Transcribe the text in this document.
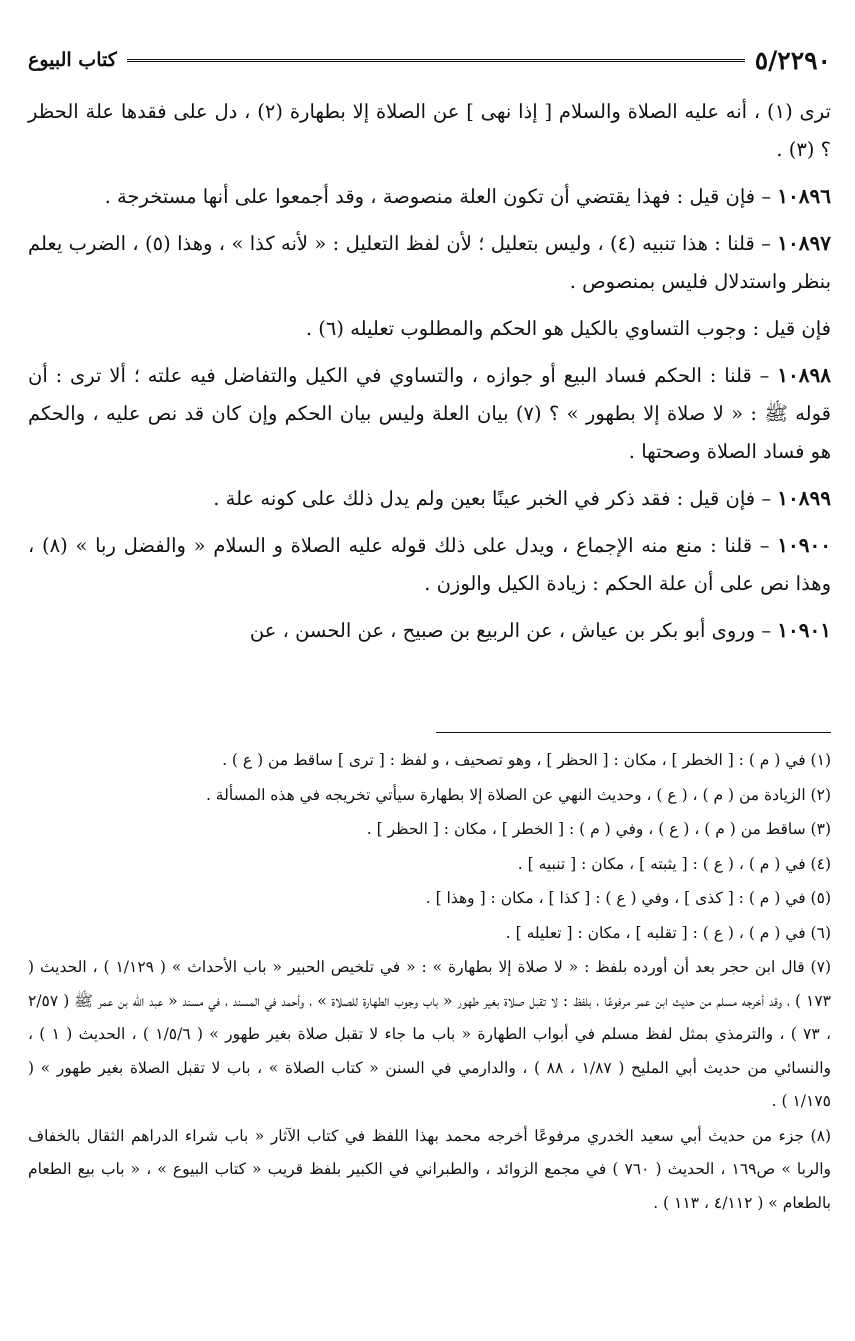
٥/٢٢٩٠
كتاب البيوع

ترى (١) ، أنه عليه الصلاة والسلام [ إذا نهى ] عن الصلاة إلا بطهارة (٢) ، دل على فقدها علة الحظر ؟ (٣) .

١٠٨٩٦ – فإن قيل : فهذا يقتضي أن تكون العلة منصوصة ، وقد أجمعوا على أنها مستخرجة .

١٠٨٩٧ – قلنا : هذا تنبيه (٤) ، وليس بتعليل ؛ لأن لفظ التعليل : « لأنه كذا » ، وهذا (٥) ، الضرب يعلم بنظر واستدلال فليس بمنصوص .

فإن قيل : وجوب التساوي بالكيل هو الحكم والمطلوب تعليله (٦) .

١٠٨٩٨ – قلنا : الحكم فساد البيع أو جوازه ، والتساوي في الكيل والتفاضل فيه علته ؛ ألا ترى : أن قوله ﷺ : « لا صلاة إلا بطهور » ؟ (٧) بيان العلة وليس بيان الحكم وإن كان قد نص عليه ، والحكم هو فساد الصلاة وصحتها .

١٠٨٩٩ – فإن قيل : فقد ذكر في الخبر عينًا بعين ولم يدل ذلك على كونه علة .

١٠٩٠٠ – قلنا : منع منه الإجماع ، ويدل على ذلك قوله عليه الصلاة و السلام « والفضل ربا » (٨) ، وهذا نص على أن علة الحكم : زيادة الكيل والوزن .

١٠٩٠١ – وروى أبو بكر بن عياش ، عن الربيع بن صبيح ، عن الحسن ، عن

(١) في ( م ) : [ الخطر ] ، مكان : [ الحظر ] ، وهو تصحيف ، و لفظ : [ ترى ] ساقط من ( ع ) .

(٢) الزيادة من ( م ) ، ( ع ) ، وحديث النهي عن الصلاة إلا بطهارة سيأتي تخريجه في هذه المسألة .

(٣) ساقط من ( م ) ، ( ع ) ، وفي ( م ) : [ الخطر ] ، مكان : [ الحظر ] .

(٤) في ( م ) ، ( ع ) : [ يثبته ] ، مكان : [ تنبيه ] .

(٥) في ( م ) : [ كذى ] ، وفي ( ع ) : [ كذا ] ، مكان : [ وهذا ] .

(٦) في ( م ) ، ( ع ) : [ تقلبه ] ، مكان : [ تعليله ] .

(٧) قال ابن حجر بعد أن أورده بلفظ : « لا صلاة إلا بطهارة » : « في تلخيص الحبير « باب الأحداث » ( ١/١٢٩ ) ، الحديث ( ١٧٣ ) ، وقد أخرجه مسلم من حديث ابن عمر مرفوعًا ، بلفظ : لا تقبل صلاة بغير طهور « باب وجوب الطهارة للصلاة » ، وأحمد في المسند ، في مسند « عبد الله بن عمر ﷺ ( ٢/٥٧ ، ٧٣ ) ، والترمذي بمثل لفظ مسلم في أبواب الطهارة « باب ما جاء لا تقبل صلاة بغير طهور » ( ١/٥/٦ ) ، الحديث ( ١ ) ، والنسائي من حديث أبي المليح ( ١/٨٧ ، ٨٨ ) ، والدارمي في السنن « كتاب الصلاة » ، باب لا تقبل الصلاة بغير طهور » ( ١/١٧٥ ) .

(٨) جزء من حديث أبي سعيد الخدري مرفوعًا أخرجه محمد بهذا اللفظ في كتاب الآثار « باب شراء الدراهم الثقال بالخفاف والربا » ص١٦٩ ، الحديث ( ٧٦٠ ) في مجمع الزوائد ، والطبراني في الكبير بلفظ قريب « كتاب البيوع » ، « باب بيع الطعام بالطعام » ( ٤/١١٢ ، ١١٣ ) .
